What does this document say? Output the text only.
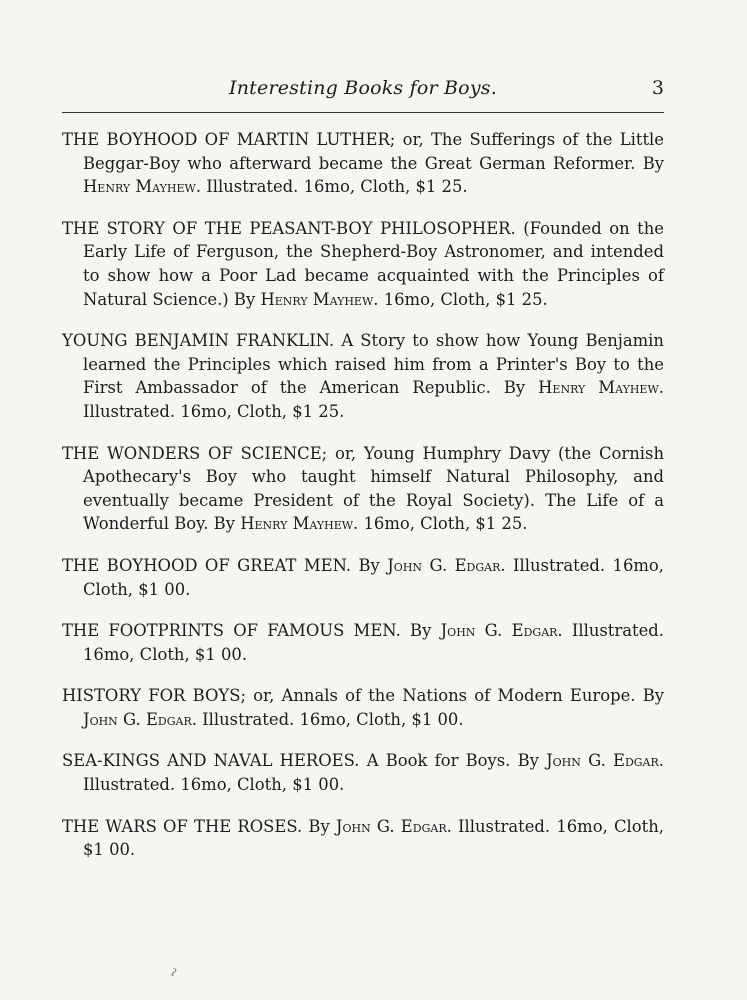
Interesting Books for Boys.	3

THE BOYHOOD OF MARTIN LUTHER; or, The Sufferings of the Little Beggar-Boy who afterward became the Great German Reformer. By Henry Mayhew. Illustrated. 16mo, Cloth, $1 25.

THE STORY OF THE PEASANT-BOY PHILOSOPHER. (Founded on the Early Life of Ferguson, the Shepherd-Boy Astronomer, and intended to show how a Poor Lad became acquainted with the Principles of Natural Science.) By Henry Mayhew. 16mo, Cloth, $1 25.

YOUNG BENJAMIN FRANKLIN. A Story to show how Young Benjamin learned the Principles which raised him from a Printer's Boy to the First Ambassador of the American Republic. By Henry Mayhew. Illustrated. 16mo, Cloth, $1 25.

THE WONDERS OF SCIENCE; or, Young Humphry Davy (the Cornish Apothecary's Boy who taught himself Natural Philosophy, and eventually became President of the Royal Society). The Life of a Wonderful Boy. By Henry Mayhew. 16mo, Cloth, $1 25.

THE BOYHOOD OF GREAT MEN. By John G. Edgar. Illustrated. 16mo, Cloth, $1 00.

THE FOOTPRINTS OF FAMOUS MEN. By John G. Edgar. Illustrated. 16mo, Cloth, $1 00.

HISTORY FOR BOYS; or, Annals of the Nations of Modern Europe. By John G. Edgar. Illustrated. 16mo, Cloth, $1 00.

SEA-KINGS AND NAVAL HEROES. A Book for Boys. By John G. Edgar. Illustrated. 16mo, Cloth, $1 00.

THE WARS OF THE ROSES. By John G. Edgar. Illustrated. 16mo, Cloth, $1 00.

ˀ
